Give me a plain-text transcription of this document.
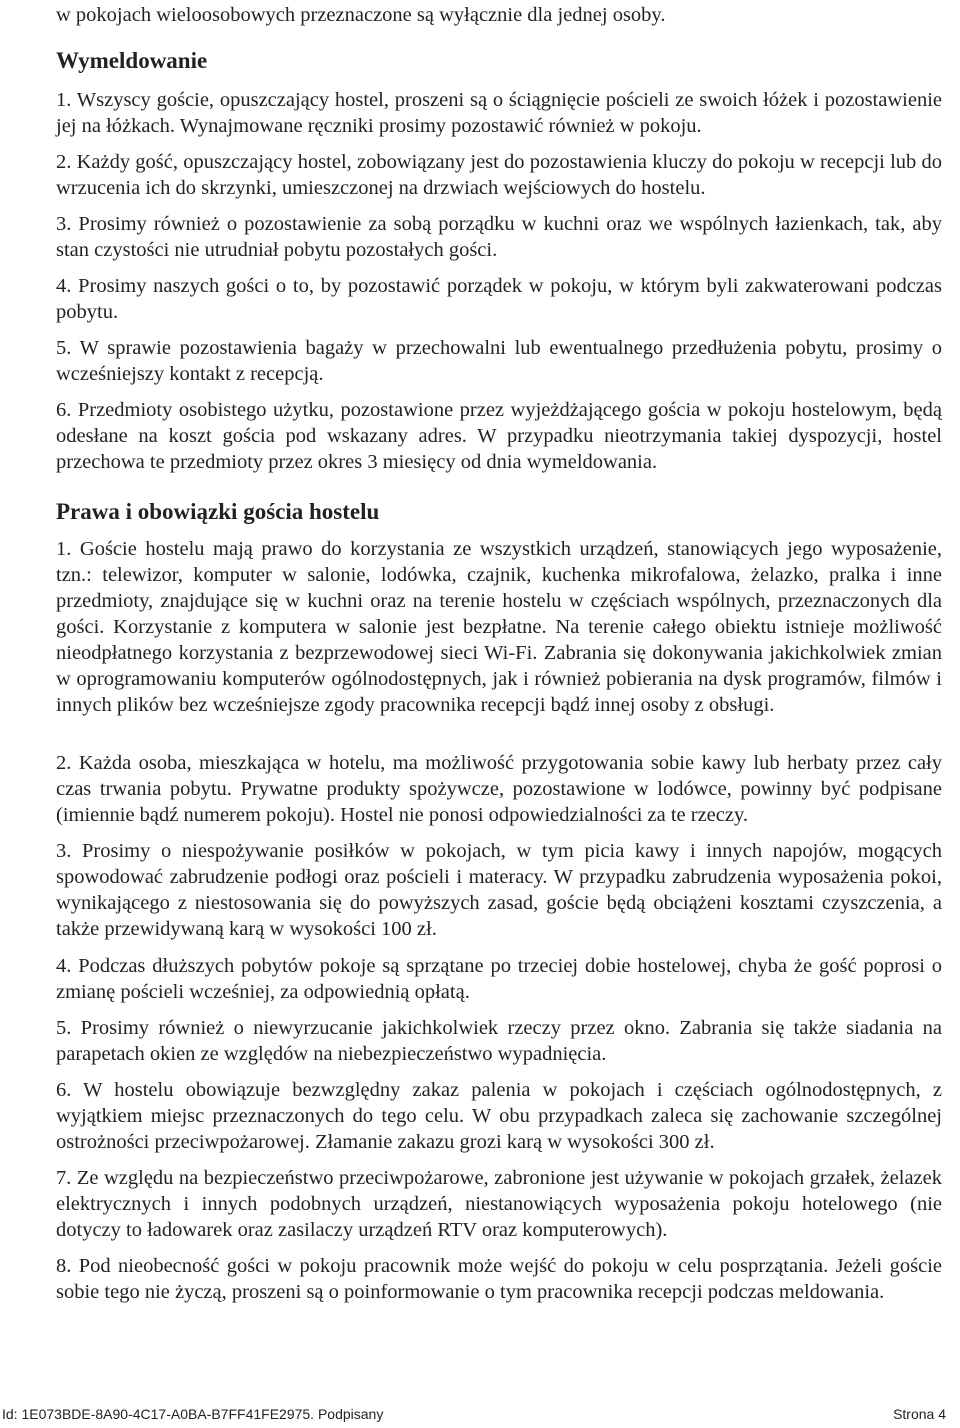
w pokojach wieloosobowych przeznaczone są wyłącznie dla jednej osoby.
Wymeldowanie
1. Wszyscy goście, opuszczający hostel, proszeni są o ściągnięcie pościeli ze swoich łóżek i pozostawienie jej na łóżkach. Wynajmowane ręczniki prosimy pozostawić również w pokoju.
2. Każdy gość, opuszczający hostel, zobowiązany jest do pozostawienia kluczy do pokoju w recepcji lub do wrzucenia ich do skrzynki, umieszczonej na drzwiach wejściowych do hostelu.
3. Prosimy również o pozostawienie za sobą porządku w kuchni oraz we wspólnych łazienkach, tak, aby stan czystości nie utrudniał pobytu pozostałych gości.
4. Prosimy naszych gości o to, by pozostawić porządek w pokoju, w którym byli zakwaterowani podczas pobytu.
5. W sprawie pozostawienia bagaży w przechowalni lub ewentualnego przedłużenia pobytu, prosimy o wcześniejszy kontakt z recepcją.
6. Przedmioty osobistego użytku, pozostawione przez wyjeżdżającego gościa w pokoju hostelowym, będą odesłane na koszt gościa pod wskazany adres. W przypadku nieotrzymania takiej dyspozycji, hostel przechowa te przedmioty przez okres 3 miesięcy od dnia wymeldowania.
Prawa i obowiązki gościa hostelu
1. Goście hostelu mają prawo do korzystania ze wszystkich urządzeń, stanowiących jego wyposażenie, tzn.: telewizor, komputer w salonie, lodówka, czajnik, kuchenka mikrofalowa, żelazko, pralka i inne przedmioty, znajdujące się w kuchni oraz na terenie hostelu w częściach wspólnych, przeznaczonych dla gości. Korzystanie z komputera w salonie jest bezpłatne. Na terenie całego obiektu istnieje możliwość nieodpłatnego korzystania z bezprzewodowej sieci Wi-Fi. Zabrania się dokonywania jakichkolwiek zmian w oprogramowaniu komputerów ogólnodostępnych, jak i również pobierania na dysk programów, filmów i innych plików bez wcześniejsze zgody pracownika recepcji bądź innej osoby z obsługi.
2. Każda osoba, mieszkająca w hotelu, ma możliwość przygotowania sobie kawy lub herbaty przez cały czas trwania pobytu. Prywatne produkty spożywcze, pozostawione w lodówce, powinny być podpisane (imiennie bądź numerem pokoju). Hostel nie ponosi odpowiedzialności za te rzeczy.
3. Prosimy o niespożywanie posiłków w pokojach, w tym picia kawy i innych napojów, mogących spowodować zabrudzenie podłogi oraz pościeli i materacy. W przypadku zabrudzenia wyposażenia pokoi, wynikającego z niestosowania się do powyższych zasad, goście będą obciążeni kosztami czyszczenia, a także przewidywaną karą w wysokości 100 zł.
4. Podczas dłuższych pobytów pokoje są sprzątane po trzeciej dobie hostelowej, chyba że gość poprosi o zmianę pościeli wcześniej, za odpowiednią opłatą.
5. Prosimy również o niewyrzucanie jakichkolwiek rzeczy przez okno. Zabrania się także siadania na parapetach okien ze względów na niebezpieczeństwo wypadnięcia.
6. W hostelu obowiązuje bezwzględny zakaz palenia w pokojach i częściach ogólnodostępnych, z wyjątkiem miejsc przeznaczonych do tego celu. W obu przypadkach zaleca się zachowanie szczególnej ostrożności przeciwpożarowej. Złamanie zakazu grozi karą w wysokości 300 zł.
7. Ze względu na bezpieczeństwo przeciwpożarowe, zabronione jest używanie w pokojach grzałek, żelazek elektrycznych i innych podobnych urządzeń, niestanowiących wyposażenia pokoju hotelowego (nie dotyczy to ładowarek oraz zasilaczy urządzeń RTV oraz komputerowych).
8. Pod nieobecność gości w pokoju pracownik może wejść do pokoju w celu posprzątania. Jeżeli goście sobie tego nie życzą, proszeni są o poinformowanie o tym pracownika recepcji podczas meldowania.
Id: 1E073BDE-8A90-4C17-A0BA-B7FF41FE2975. Podpisany	Strona 4
